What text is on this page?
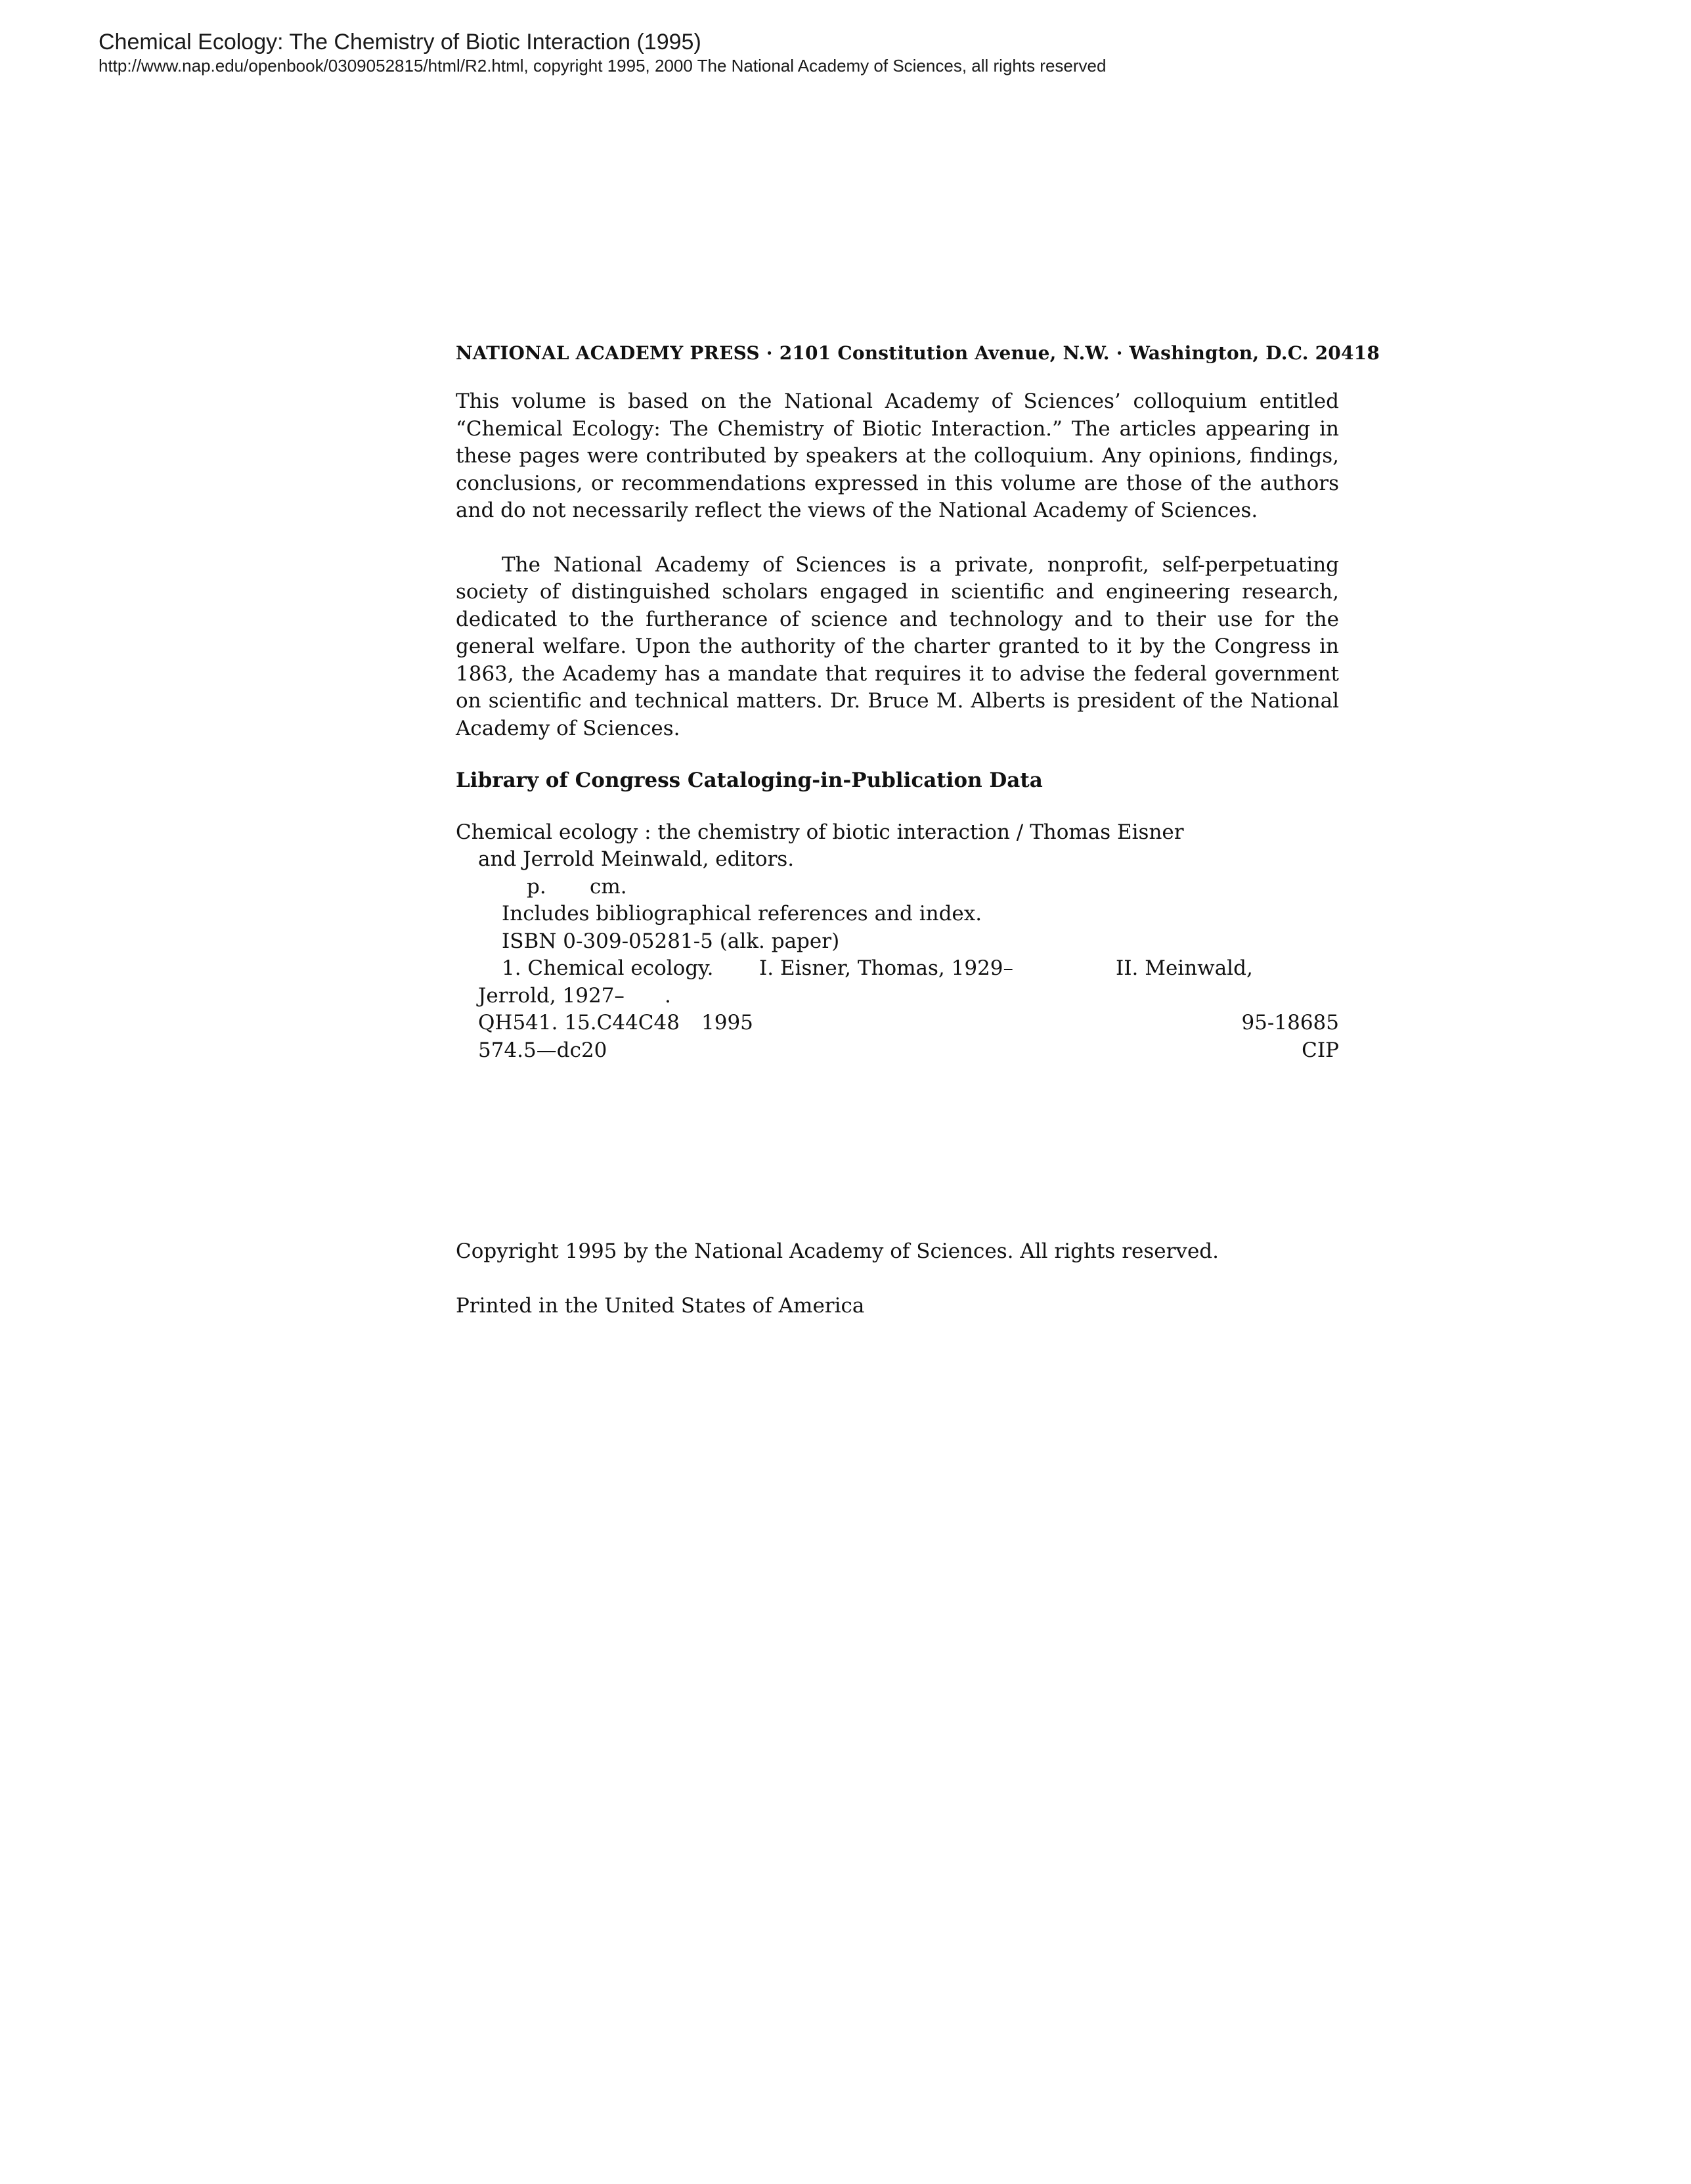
Chemical Ecology: The Chemistry of Biotic Interaction (1995)
http://www.nap.edu/openbook/0309052815/html/R2.html, copyright 1995, 2000 The National Academy of Sciences, all rights reserved
NATIONAL ACADEMY PRESS · 2101 Constitution Avenue, N.W. · Washington, D.C. 20418

This volume is based on the National Academy of Sciences’ colloquium entitled “Chemical Ecology: The Chemistry of Biotic Interaction.” The articles appearing in these pages were contributed by speakers at the colloquium. Any opinions, findings, conclusions, or recommendations expressed in this volume are those of the authors and do not necessarily reflect the views of the National Academy of Sciences.

The National Academy of Sciences is a private, nonprofit, self-perpetuating society of distinguished scholars engaged in scientific and engineering research, dedicated to the furtherance of science and technology and to their use for the general welfare. Upon the authority of the charter granted to it by the Congress in 1863, the Academy has a mandate that requires it to advise the federal government on scientific and technical matters. Dr. Bruce M. Alberts is president of the National Academy of Sciences.

Library of Congress Cataloging-in-Publication Data
Chemical ecology : the chemistry of biotic interaction / Thomas Eisner
and Jerrold Meinwald, editors.
p. cm.
Includes bibliographical references and index.
ISBN 0-309-05281-5 (alk. paper)
1. Chemical ecology. I. Eisner, Thomas, 1929–	II. Meinwald,
Jerrold, 1927– .
QH541. 15.C44C48 1995	95-18685
574.5—dc20	CIP
Copyright 1995 by the National Academy of Sciences. All rights reserved.
Printed in the United States of America
